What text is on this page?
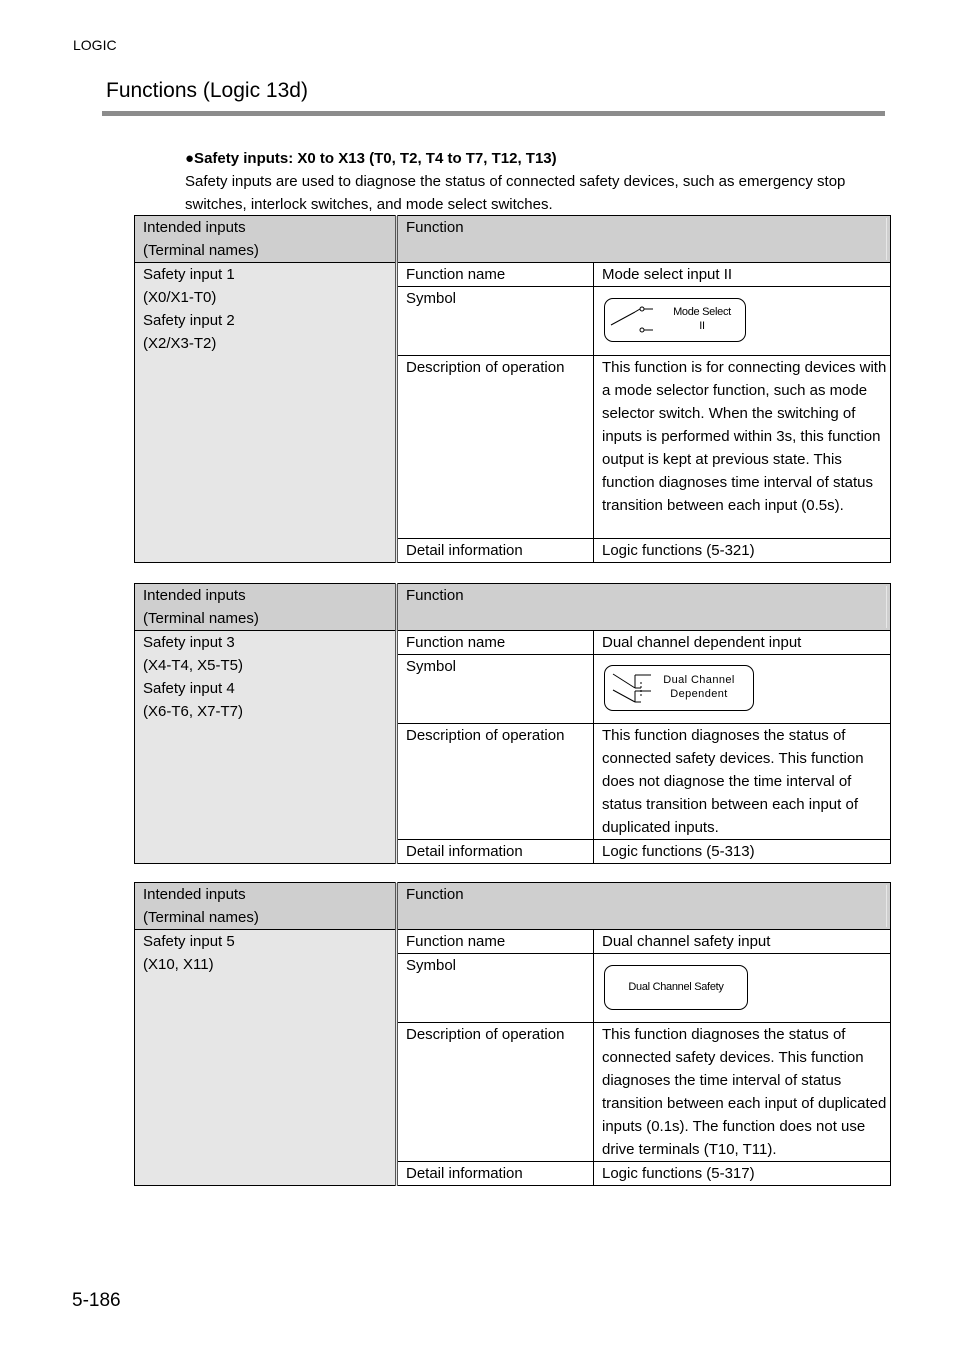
LOGIC
Functions (Logic 13d)
●Safety inputs: X0 to X13 (T0, T2, T4 to T7, T12, T13)

Safety inputs are used to diagnose the status of connected safety devices, such as emergency stop switches, interlock switches, and mode select switches.

Intended inputs
(Terminal names)	Function	

Safety input 1
(X0/X1-T0)
Safety input 2
(X2/X3-T2)	Function name	Mode select input II
	Symbol	Mode Select
II

	Description of operation	This function is for connecting devices with a mode selector function, such as mode selector switch. When the switching of inputs is performed within 3s, this function output is kept at previous state. This function diagnoses time interval of status transition between each input (0.5s).
	Detail information	Logic functions (5-321)
Intended inputs
(Terminal names)	Function	

Safety input 3
(X4-T4, X5-T5)
Safety input 4
(X6-T6, X7-T7)	Function name	Dual channel dependent input
	Symbol	Dual Channel
Dependent

	Description of operation	This function diagnoses the status of connected safety devices. This function does not diagnose the time interval of status transition between each input of duplicated inputs.
	Detail information	Logic functions (5-313)
Intended inputs
(Terminal names)	Function	

Safety input 5
(X10, X11)	Function name	Dual channel safety input
	Symbol	Dual Channel Safety

	Description of operation	This function diagnoses the status of connected safety devices. This function diagnoses the time interval of status transition between each input of duplicated inputs (0.1s). The function does not use drive terminals (T10, T11).
	Detail information	Logic functions (5-317)
5-186
